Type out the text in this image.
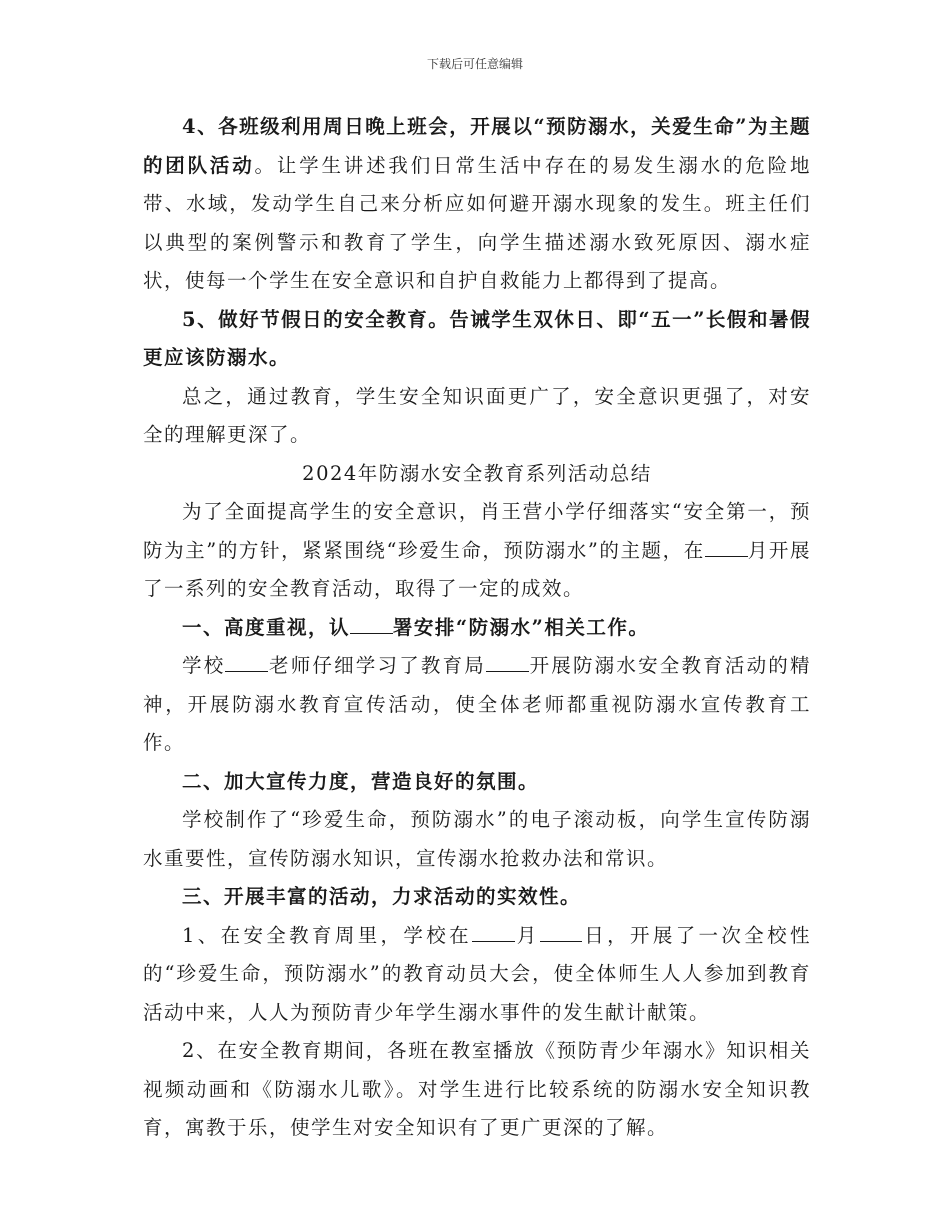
下载后可任意编辑

4、各班级利用周日晚上班会，开展以“预防溺水，关爱生命”为主题的团队活动。让学生讲述我们日常生活中存在的易发生溺水的危险地带、水域，发动学生自己来分析应如何避开溺水现象的发生。班主任们以典型的案例警示和教育了学生，向学生描述溺水致死原因、溺水症状，使每一个学生在安全意识和自护自救能力上都得到了提高。

5、做好节假日的安全教育。告诫学生双休日、即“五一”长假和暑假更应该防溺水。

总之，通过教育，学生安全知识面更广了，安全意识更强了，对安全的理解更深了。

2024年防溺水安全教育系列活动总结

为了全面提高学生的安全意识，肖王营小学仔细落实“安全第一，预防为主”的方针，紧紧围绕“珍爱生命，预防溺水”的主题，在 月开展了一系列的安全教育活动，取得了一定的成效。

一、高度重视，认 署安排“防溺水”相关工作。

学校 老师仔细学习了教育局 开展防溺水安全教育活动的精神，开展防溺水教育宣传活动，使全体老师都重视防溺水宣传教育工作。

二、加大宣传力度，营造良好的氛围。

学校制作了“珍爱生命，预防溺水”的电子滚动板，向学生宣传防溺水重要性，宣传防溺水知识，宣传溺水抢救办法和常识。

三、开展丰富的活动，力求活动的实效性。

1、在安全教育周里，学校在 月 日，开展了一次全校性的“珍爱生命，预防溺水”的教育动员大会，使全体师生人人参加到教育活动中来，人人为预防青少年学生溺水事件的发生献计献策。

2、在安全教育期间，各班在教室播放《预防青少年溺水》知识相关视频动画和《防溺水儿歌》。对学生进行比较系统的防溺水安全知识教育，寓教于乐，使学生对安全知识有了更广更深的了解。
